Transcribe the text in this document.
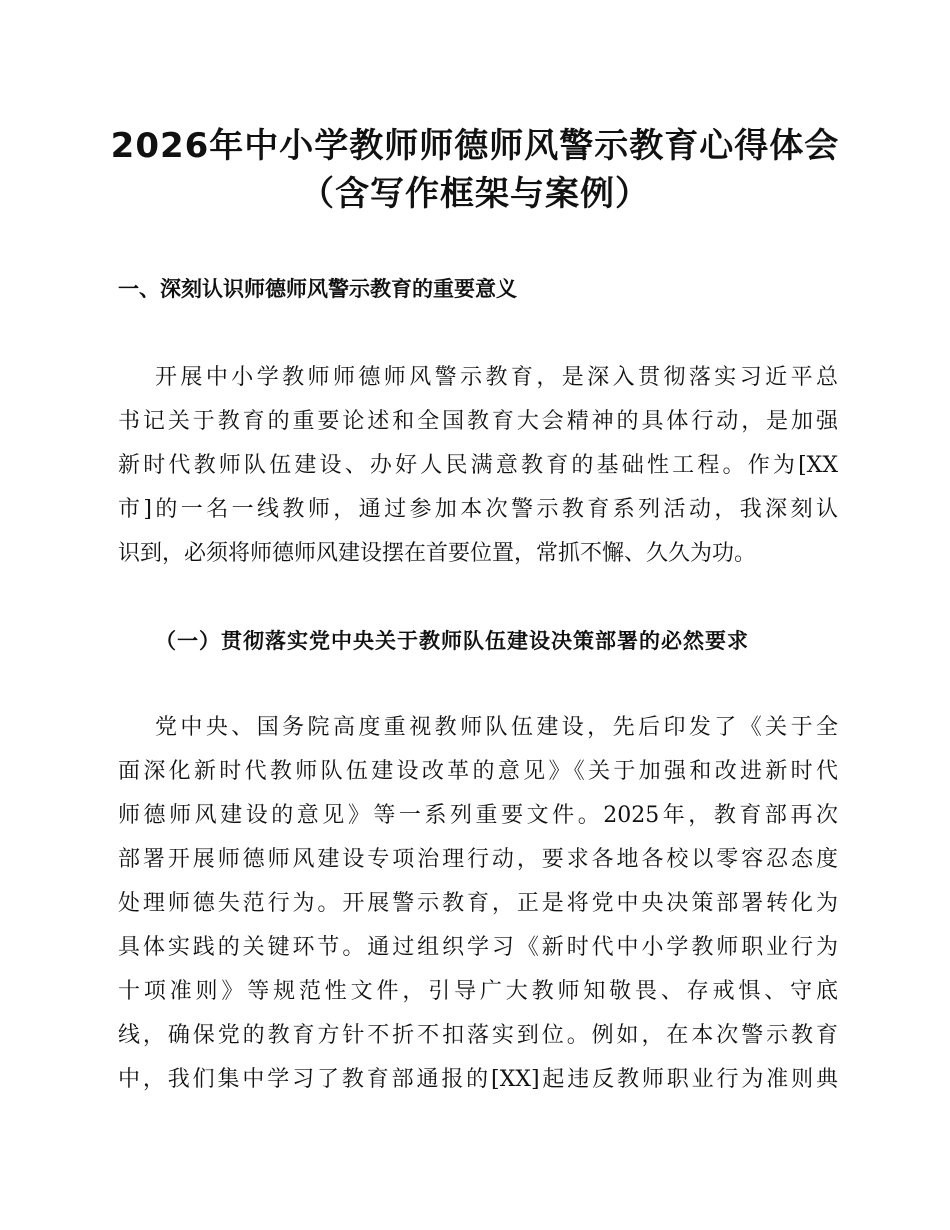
2026年中小学教师师德师风警示教育心得体会
（含写作框架与案例）
一、深刻认识师德师风警示教育的重要意义
开展中小学教师师德师风警示教育，是深入贯彻落实习近平总
书记关于教育的重要论述和全国教育大会精神的具体行动，是加强
新时代教师队伍建设、办好人民满意教育的基础性工程。作为[XX
市]的一名一线教师，通过参加本次警示教育系列活动，我深刻认
识到，必须将师德师风建设摆在首要位置，常抓不懈、久久为功。
（一）贯彻落实党中央关于教师队伍建设决策部署的必然要求
党中央、国务院高度重视教师队伍建设，先后印发了《关于全
面深化新时代教师队伍建设改革的意见》《关于加强和改进新时代
师德师风建设的意见》等一系列重要文件。2025年，教育部再次
部署开展师德师风建设专项治理行动，要求各地各校以零容忍态度
处理师德失范行为。开展警示教育，正是将党中央决策部署转化为
具体实践的关键环节。通过组织学习《新时代中小学教师职业行为
十项准则》等规范性文件，引导广大教师知敬畏、存戒惧、守底
线，确保党的教育方针不折不扣落实到位。例如，在本次警示教育
中，我们集中学习了教育部通报的[XX]起违反教师职业行为准则典
